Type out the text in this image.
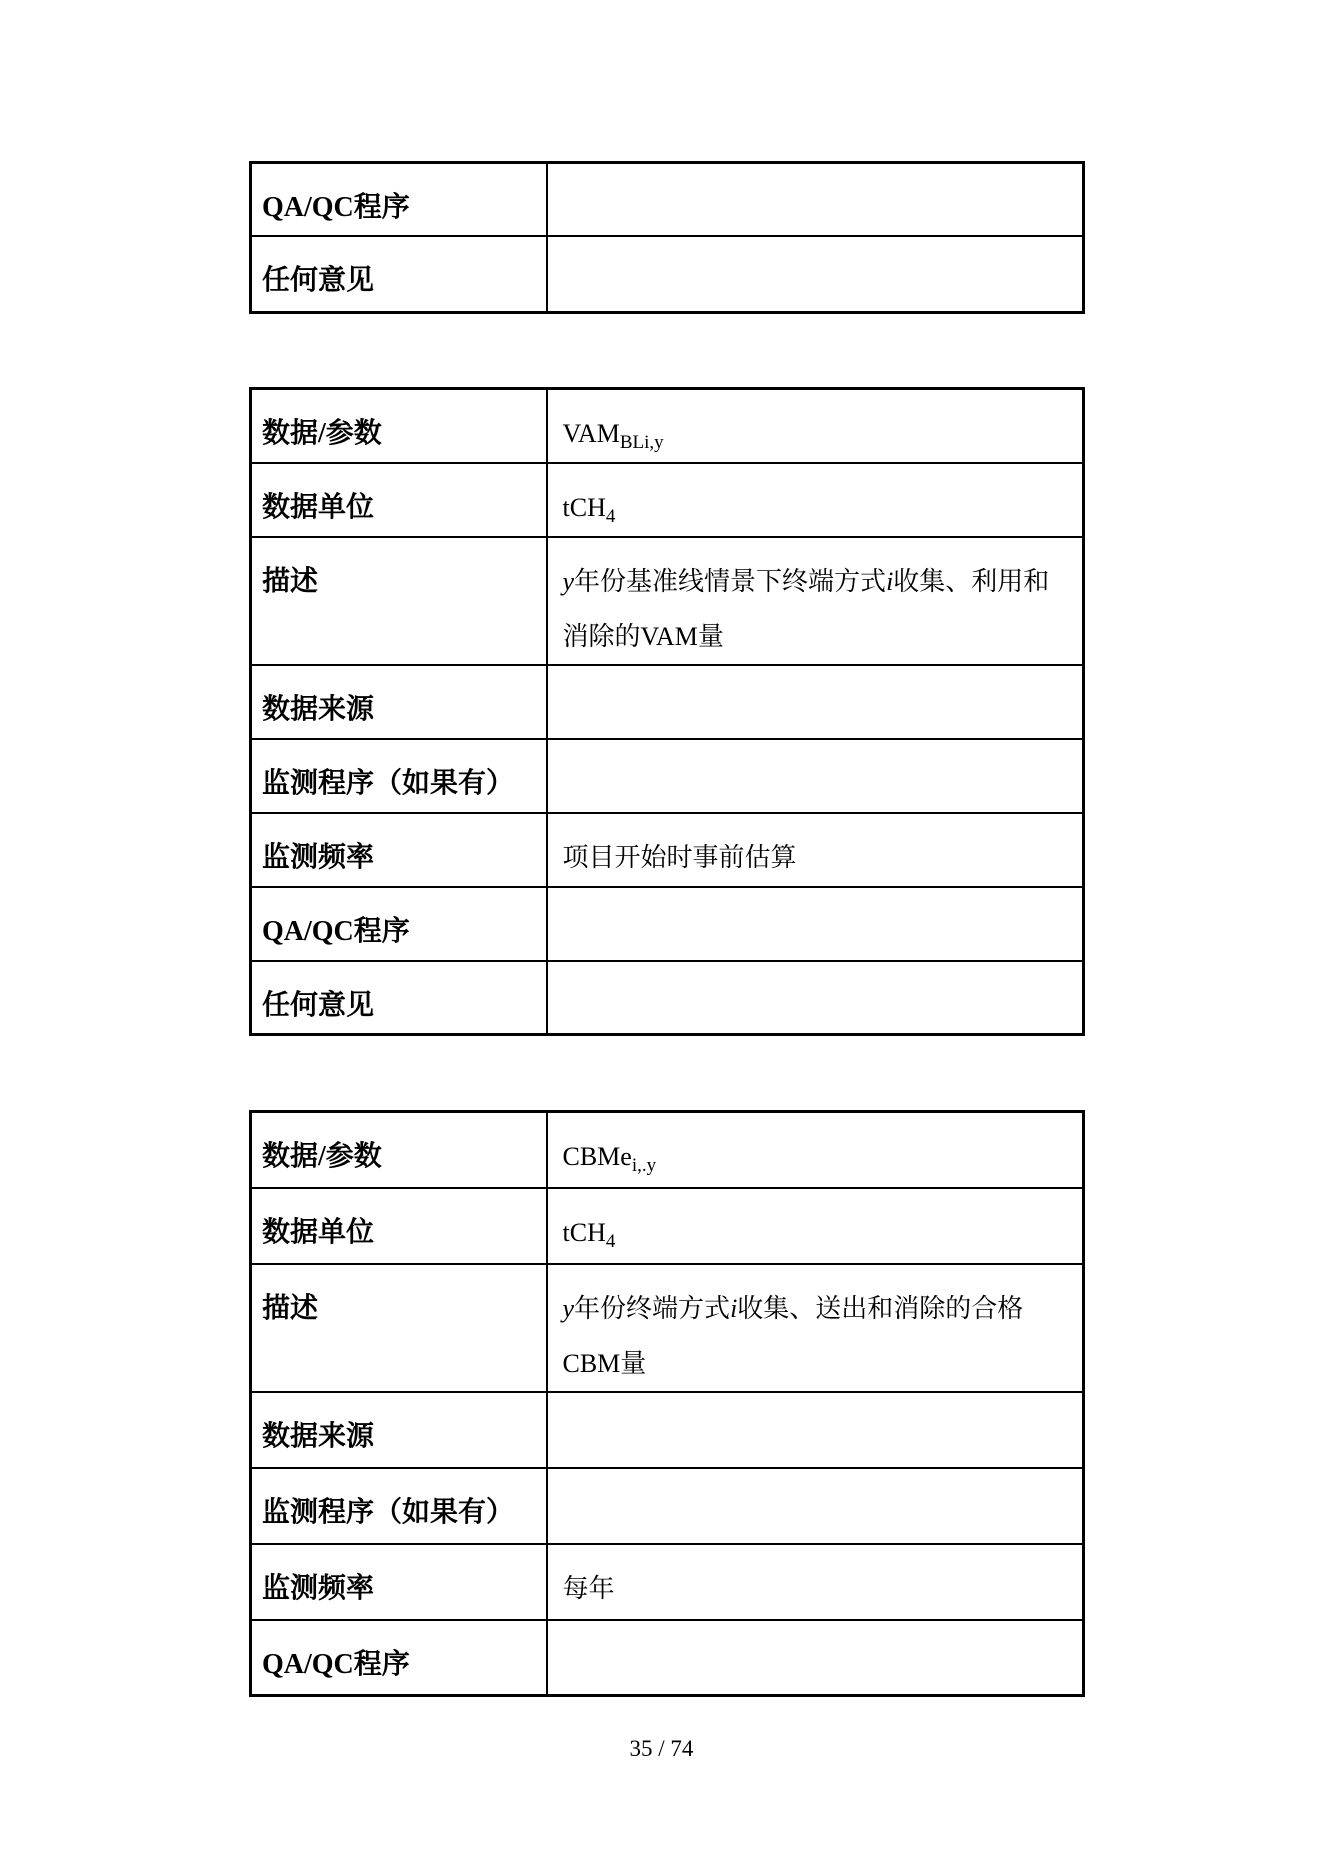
QA/QC程序	
任何意见	
数据/参数	$VAM_{BLi,y}$
数据单位	tCH$_4$
描述	y年份基准线情景下终端方式i收集、利用和消除的VAM量
数据来源	
监测程序（如果有）	
监测频率	项目开始时事前估算
QA/QC程序	
任何意见	
数据/参数	CBMe$_{i,.y}$
数据单位	tCH$_4$
描述	y年份终端方式i收集、送出和消除的合格CBM量
数据来源	
监测程序（如果有）	
监测频率	每年
QA/QC程序	
35 / 74
